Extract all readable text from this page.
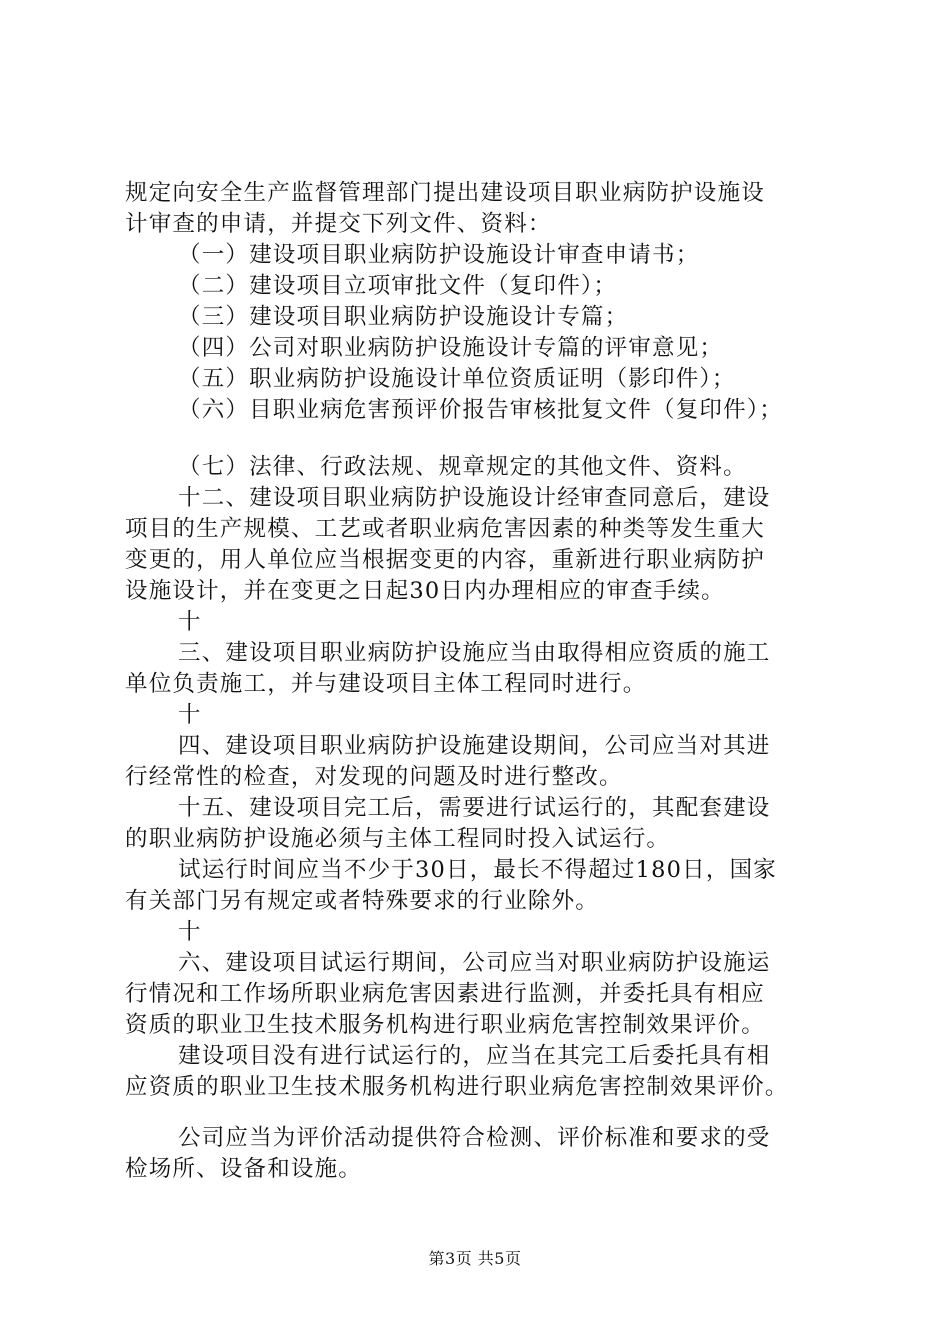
规定向安全生产监督管理部门提出建设项目职业病防护设施设
计审查的申请，并提交下列文件、资料：
（一）建设项目职业病防护设施设计审查申请书；
（二）建设项目立项审批文件（复印件）；
（三）建设项目职业病防护设施设计专篇；
（四）公司对职业病防护设施设计专篇的评审意见；
（五）职业病防护设施设计单位资质证明（影印件）；
（六）目职业病危害预评价报告审核批复文件（复印件）；
（七）法律、行政法规、规章规定的其他文件、资料。
十二、建设项目职业病防护设施设计经审查同意后，建设
项目的生产规模、工艺或者职业病危害因素的种类等发生重大
变更的，用人单位应当根据变更的内容，重新进行职业病防护
设施设计，并在变更之日起30日内办理相应的审查手续。
十
三、建设项目职业病防护设施应当由取得相应资质的施工
单位负责施工，并与建设项目主体工程同时进行。
十
四、建设项目职业病防护设施建设期间，公司应当对其进
行经常性的检查，对发现的问题及时进行整改。
十五、建设项目完工后，需要进行试运行的，其配套建设
的职业病防护设施必须与主体工程同时投入试运行。
试运行时间应当不少于30日，最长不得超过180日，国家
有关部门另有规定或者特殊要求的行业除外。
十
六、建设项目试运行期间，公司应当对职业病防护设施运
行情况和工作场所职业病危害因素进行监测，并委托具有相应
资质的职业卫生技术服务机构进行职业病危害控制效果评价。
建设项目没有进行试运行的，应当在其完工后委托具有相
应资质的职业卫生技术服务机构进行职业病危害控制效果评价。
公司应当为评价活动提供符合检测、评价标准和要求的受
检场所、设备和设施。
第3页 共5页
